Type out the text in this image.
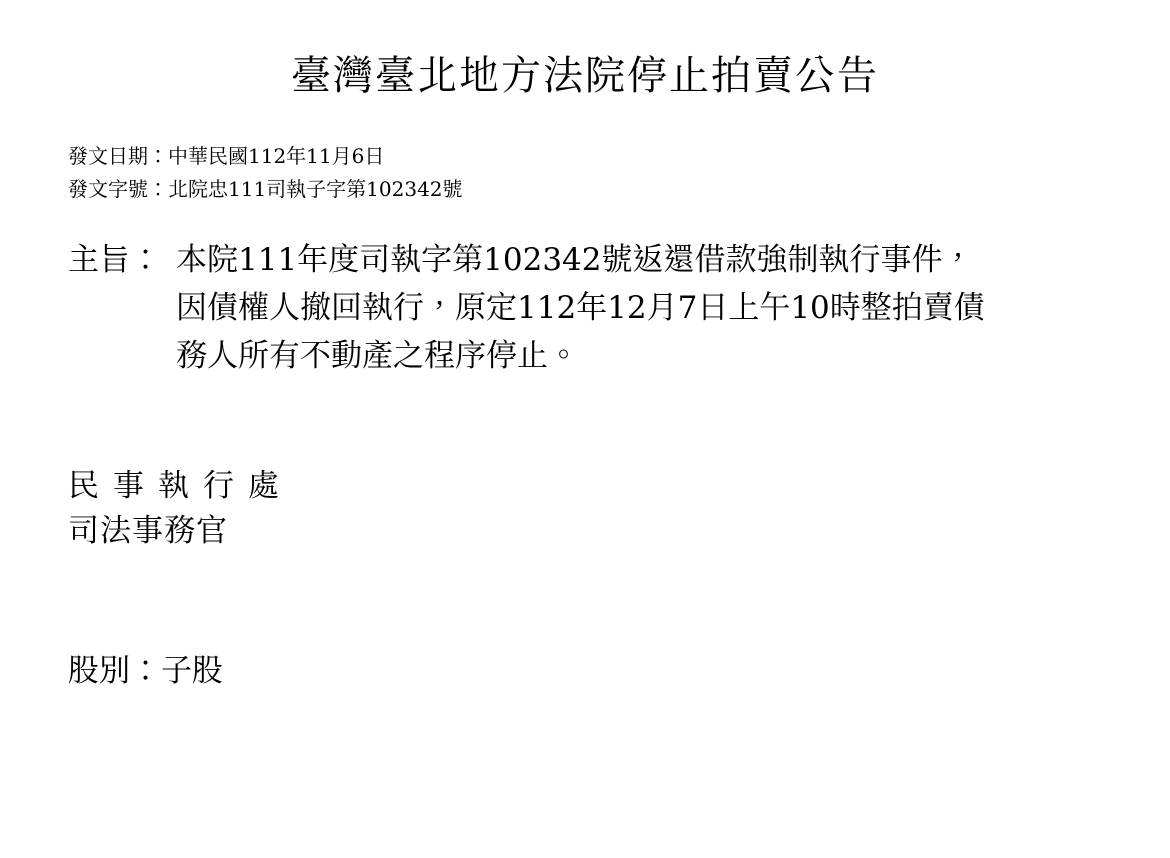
臺灣臺北地方法院停止拍賣公告
發文日期：中華民國112年11月6日
發文字號：北院忠111司執子字第102342號
主旨： 本院111年度司執字第102342號返還借款強制執行事件，
因債權人撤回執行，原定112年12月7日上午10時整拍賣債
務人所有不動產之程序停止。
民事執行處
司法事務官
股別：子股
